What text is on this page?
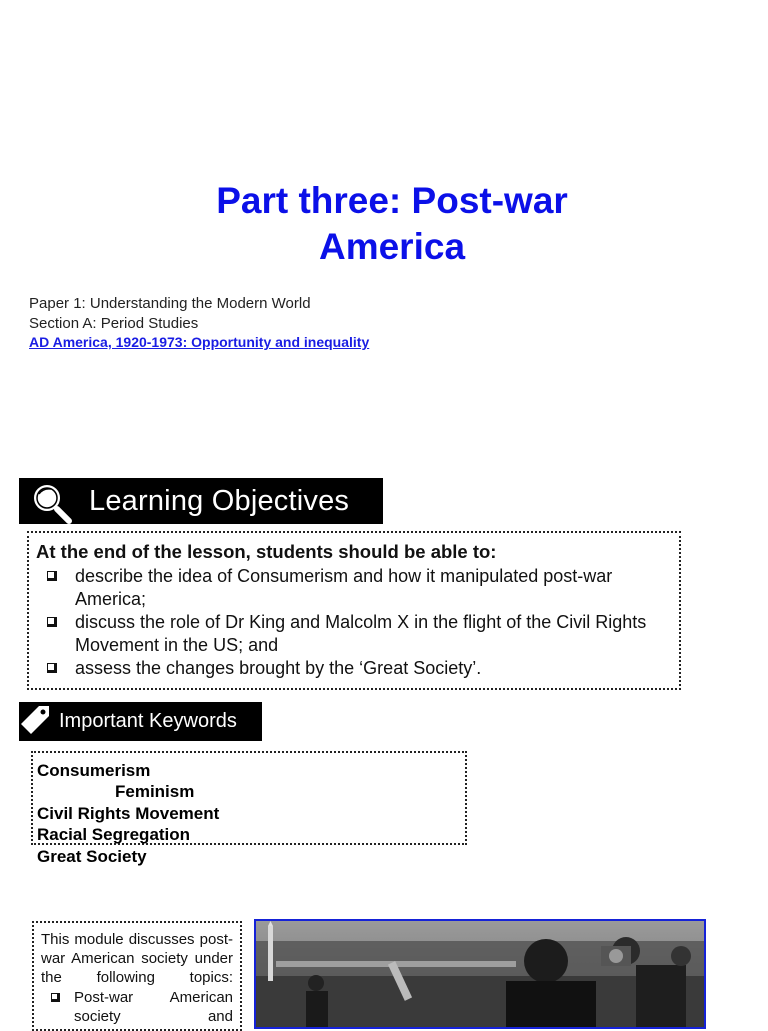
Part three: Post-war
America
Paper 1: Understanding the Modern World
Section A: Period Studies
AD America, 1920-1973: Opportunity and inequality
Learning Objectives
At the end of the lesson, students should be able to:
describe the idea of Consumerism and how it manipulated post-war America;
discuss the role of Dr King and Malcolm X in the flight of the Civil Rights Movement in the US; and
assess the changes brought by the ‘Great Society’.
Important Keywords
Consumerism
Feminism
Civil Rights Movement
Racial Segregation
Great Society
This module discusses post-war American society under the following topics:
Post-war American society and
